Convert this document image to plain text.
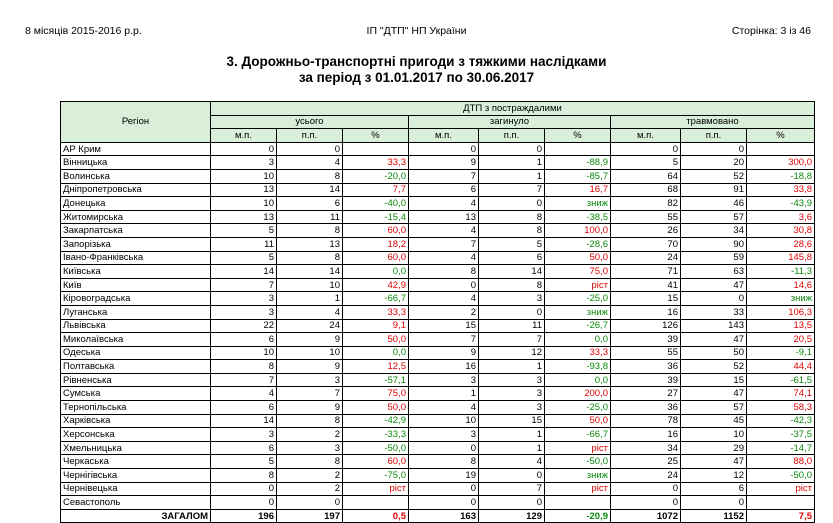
8 місяців 2015-2016 р.р.	ІП "ДТП" НП України	Сторінка: 3 із 46
3. Дорожньо-транспортні пригоди з тяжкими наслідками
за період з 01.01.2017 по 30.06.2017
Регіон	ДТП з постраждалими								
	усього			загинуло			травмовано		
	м.п.	п.п.	%	м.п.	п.п.	%	м.п.	п.п.	%
АР Крим	0	0		0	0		0	0	
Вінницька	3	4	33,3	9	1	-88,9	5	20	300,0
Волинська	10	8	-20,0	7	1	-85,7	64	52	-18,8
Дніпропетровська	13	14	7,7	6	7	16,7	68	91	33,8
Донецька	10	6	-40,0	4	0	зниж	82	46	-43,9
Житомирська	13	11	-15,4	13	8	-38,5	55	57	3,6
Закарпатська	5	8	60,0	4	8	100,0	26	34	30,8
Запорізька	11	13	18,2	7	5	-28,6	70	90	28,6
Івано-Франківська	5	8	60,0	4	6	50,0	24	59	145,8
Київська	14	14	0,0	8	14	75,0	71	63	-11,3
Київ	7	10	42,9	0	8	ріст	41	47	14,6
Кіровоградська	3	1	-66,7	4	3	-25,0	15	0	зниж
Луганська	3	4	33,3	2	0	зниж	16	33	106,3
Львівська	22	24	9,1	15	11	-26,7	126	143	13,5
Миколаївська	6	9	50,0	7	7	0,0	39	47	20,5
Одеська	10	10	0,0	9	12	33,3	55	50	-9,1
Полтавська	8	9	12,5	16	1	-93,8	36	52	44,4
Рівненська	7	3	-57,1	3	3	0,0	39	15	-61,5
Сумська	4	7	75,0	1	3	200,0	27	47	74,1
Тернопільська	6	9	50,0	4	3	-25,0	36	57	58,3
Харківська	14	8	-42,9	10	15	50,0	78	45	-42,3
Херсонська	3	2	-33,3	3	1	-66,7	16	10	-37,5
Хмельницька	6	3	-50,0	0	1	ріст	34	29	-14,7
Черкаська	5	8	60,0	8	4	-50,0	25	47	88,0
Чернігівська	8	2	-75,0	19	0	зниж	24	12	-50,0
Чернівецька	0	2	ріст	0	7	ріст	0	6	ріст
Севастополь	0	0		0	0		0	0	
ЗАГАЛОМ	196	197	0,5	163	129	-20,9	1072	1152	7,5
